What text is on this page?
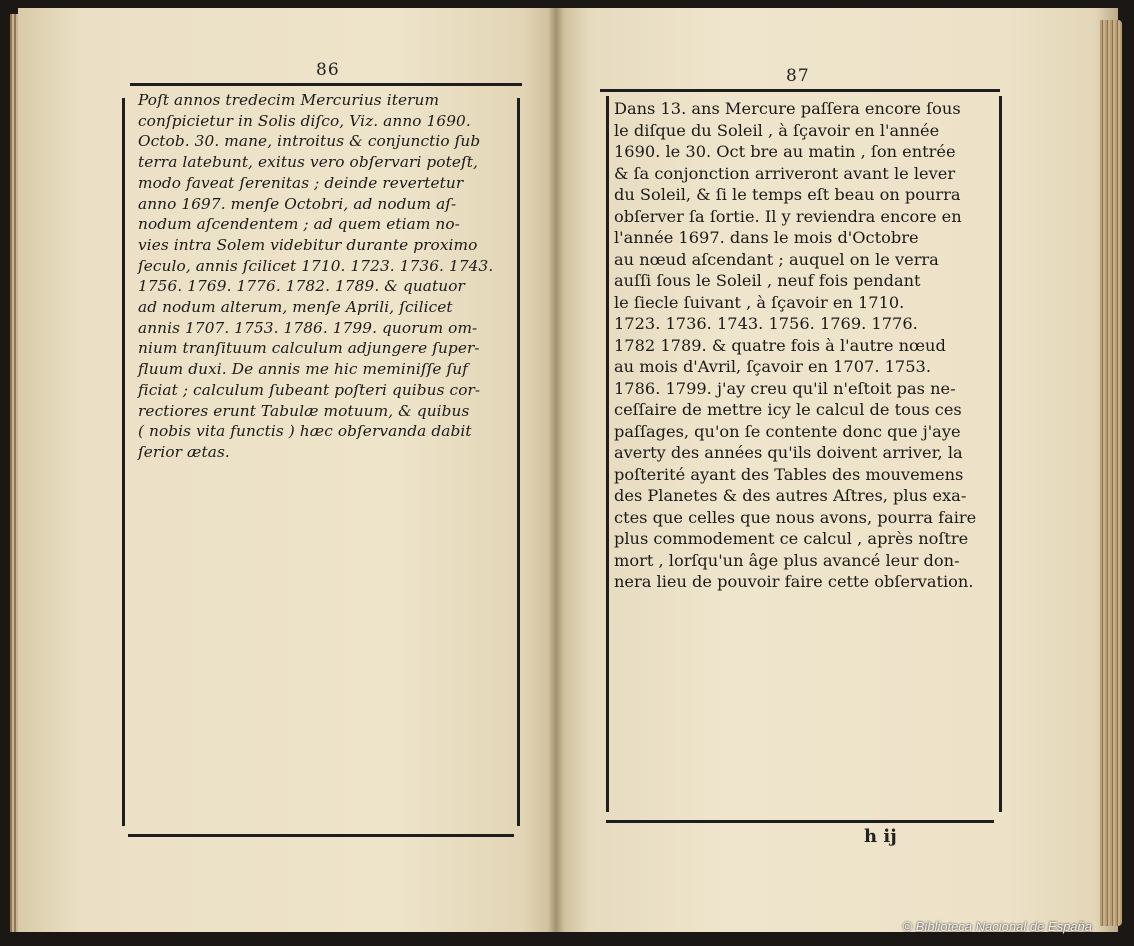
86
Poſt annos tredecim Mercurius iterum
conſpicietur in Solis diſco, Viz. anno 1690.
Octob. 30. mane, introitus & conjunctio ſub
terra latebunt, exitus vero obſervari poteſt,
modo faveat ſerenitas ; deinde revertetur
anno 1697. menſe Octobri, ad nodum aſ-
nodum aſcendentem ; ad quem etiam no-
vies intra Solem videbitur durante proximo
ſeculo, annis ſcilicet 1710. 1723. 1736. 1743.
1756. 1769. 1776. 1782. 1789. & quatuor
ad nodum alterum, menſe Aprili, ſcilicet
annis 1707. 1753. 1786. 1799. quorum om-
nium tranſituum calculum adjungere ſuper-
fluum duxi. De annis me hic meminiſſe ſuf
ficiat ; calculum ſubeant poſteri quibus cor-
rectiores erunt Tabulæ motuum, & quibus
( nobis vita functis ) hæc obſervanda dabit
ſerior ætas.
87
Dans 13. ans Mercure paſſera encore ſous
le diſque du Soleil , à ſçavoir en l'année
1690. le 30. Oct bre au matin , ſon entrée
& ſa conjonction arriveront avant le lever
du Soleil, & ſi le temps eſt beau on pourra
obſerver ſa ſortie. Il y reviendra encore en
l'année 1697. dans le mois d'Octobre
au nœud aſcendant ; auquel on le verra
auſſi ſous le Soleil , neuf fois pendant
le ſiecle ſuivant , à ſçavoir en 1710.
1723. 1736. 1743. 1756. 1769. 1776.
1782 1789. & quatre fois à l'autre nœud
au mois d'Avril, ſçavoir en 1707. 1753.
1786. 1799. j'ay creu qu'il n'eſtoit pas ne-
ceſſaire de mettre icy le calcul de tous ces
paſſages, qu'on ſe contente donc que j'aye
averty des années qu'ils doivent arriver, la
poſterité ayant des Tables des mouvemens
des Planetes & des autres Aſtres, plus exa-
ctes que celles que nous avons, pourra faire
plus commodement ce calcul , après noſtre
mort , lorſqu'un âge plus avancé leur don-
nera lieu de pouvoir faire cette obſervation.
h ij
© Biblioteca Nacional de España
